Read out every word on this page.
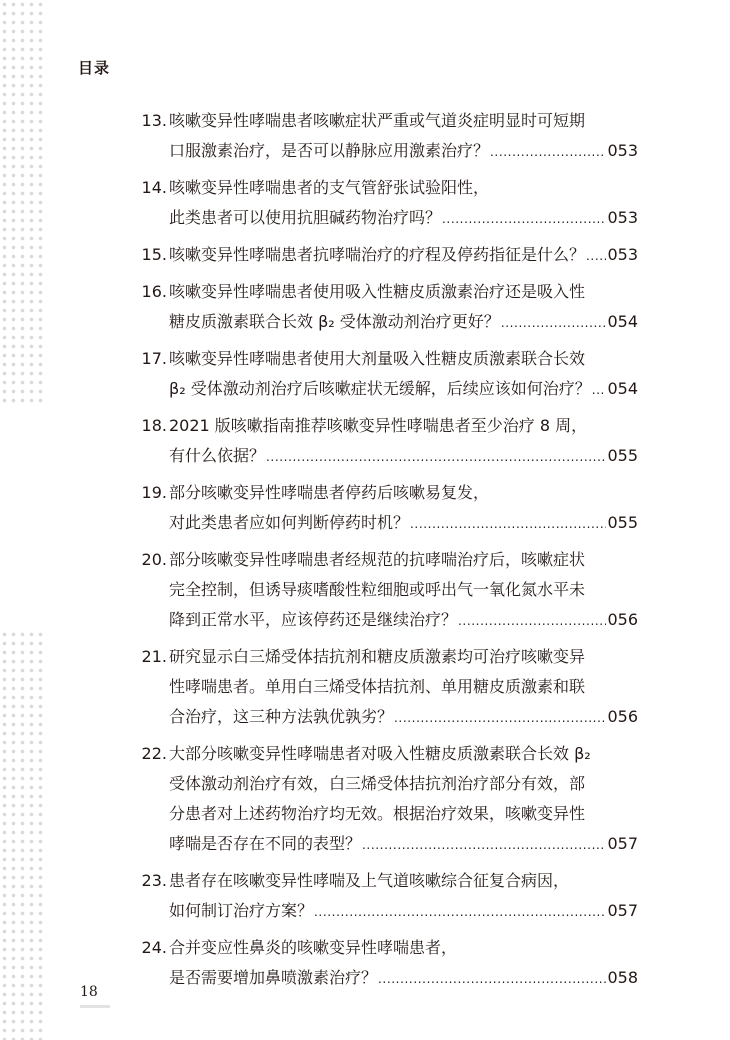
目录
13. 咳嗽变异性哮喘患者咳嗽症状严重或气道炎症明显时可短期
口服激素治疗，是否可以静脉应用激素治疗？ .....	053
14. 咳嗽变异性哮喘患者的支气管舒张试验阳性，
此类患者可以使用抗胆碱药物治疗吗？ .....	053
15. 咳嗽变异性哮喘患者抗哮喘治疗的疗程及停药指征是什么？ ..... 053
16. 咳嗽变异性哮喘患者使用吸入性糖皮质激素治疗还是吸入性
糖皮质激素联合长效 β₂ 受体激动剂治疗更好？ .....	054
17. 咳嗽变异性哮喘患者使用大剂量吸入性糖皮质激素联合长效
β₂ 受体激动剂治疗后咳嗽症状无缓解，后续应该如何治疗？ ..... 054
18. 2021 版咳嗽指南推荐咳嗽变异性哮喘患者至少治疗 8 周，
有什么依据？ .....	055
19. 部分咳嗽变异性哮喘患者停药后咳嗽易复发，
对此类患者应如何判断停药时机？ .....	055
20. 部分咳嗽变异性哮喘患者经规范的抗哮喘治疗后，咳嗽症状
完全控制，但诱导痰嗜酸性粒细胞或呼出气一氧化氮水平未
降到正常水平，应该停药还是继续治疗？ .....	056
21. 研究显示白三烯受体拮抗剂和糖皮质激素均可治疗咳嗽变异
性哮喘患者。单用白三烯受体拮抗剂、单用糖皮质激素和联
合治疗，这三种方法孰优孰劣？ .....	056
22. 大部分咳嗽变异性哮喘患者对吸入性糖皮质激素联合长效 β₂
受体激动剂治疗有效，白三烯受体拮抗剂治疗部分有效，部
分患者对上述药物治疗均无效。根据治疗效果，咳嗽变异性
哮喘是否存在不同的表型？ .....	057
23. 患者存在咳嗽变异性哮喘及上气道咳嗽综合征复合病因，
如何制订治疗方案？ .....	057
24. 合并变应性鼻炎的咳嗽变异性哮喘患者，
是否需要增加鼻喷激素治疗？ .....	058
18
